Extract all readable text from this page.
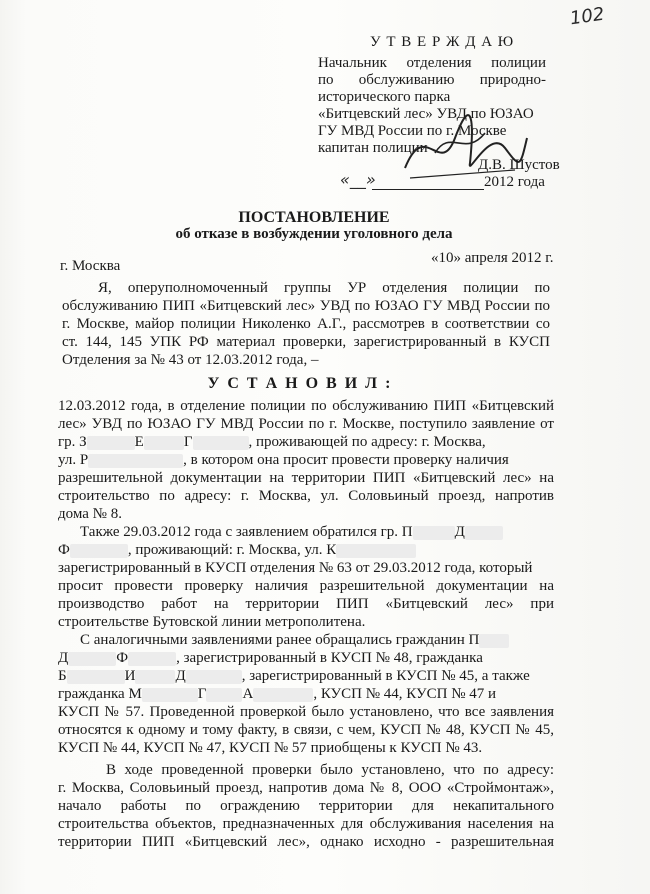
102
У Т В Е Р Ж Д А Ю
Начальник отделения полиции
по обслуживанию природно-
исторического парка
«Битцевский лес» УВД по ЮЗАО
ГУ МВД России по г. Москве
капитан полиции
Д.В. Шустов
«__»	2012 года
ПОСТАНОВЛЕНИЕ
об отказе в возбуждении уголовного дела
«10» апреля 2012 г.
г. Москва
Я, оперуполномоченный группы УР отделения полиции по
обслуживанию ПИП «Битцевский лес» УВД по ЮЗАО ГУ МВД России по
г. Москве, майор полиции Николенко А.Г., рассмотрев в соответствии со
ст. 144, 145 УПК РФ материал проверки, зарегистрированный в КУСП
Отделения за № 43 от 12.03.2012 года, –
У С Т А Н О В И Л :
12.03.2012 года, в отделение полиции по обслуживанию ПИП «Битцевский
лес» УВД по ЮЗАО ГУ МВД России по г. Москве, поступило заявление от
гр. З	Е	Г	, проживающей по адресу: г. Москва,
ул. Р	, в котором она просит провести проверку наличия
разрешительной документации на территории ПИП «Битцевский лес» на
строительство по адресу: г. Москва, ул. Соловьиный проезд, напротив
дома № 8.
Также 29.03.2012 года с заявлением обратился гр. П	Д
Ф	, проживающий: г. Москва, ул. К
зарегистрированный в КУСП отделения № 63 от 29.03.2012 года, который
просит провести проверку наличия разрешительной документации на
производство работ на территории ПИП «Битцевский лес» при
строительстве Бутовской линии метрополитена.
С аналогичными заявлениями ранее обращались гражданин П
Д	Ф	, зарегистрированный в КУСП № 48, гражданка
Б	И	Д	, зарегистрированный в КУСП № 45, а также
гражданка М	Г А	, КУСП № 44, КУСП № 47 и
КУСП № 57. Проведенной проверкой было установлено, что все заявления
относятся к одному и тому факту, в связи, с чем, КУСП № 48, КУСП № 45,
КУСП № 44, КУСП № 47, КУСП № 57 приобщены к КУСП № 43.
В ходе проведенной проверки было установлено, что по адресу:
г. Москва, Соловьиный проезд, напротив дома № 8, ООО «Строймонтаж»,
начало работы по ограждению территории для некапитального
строительства объектов, предназначенных для обслуживания населения на
территории ПИП «Битцевский лес», однако исходно - разрешительная
